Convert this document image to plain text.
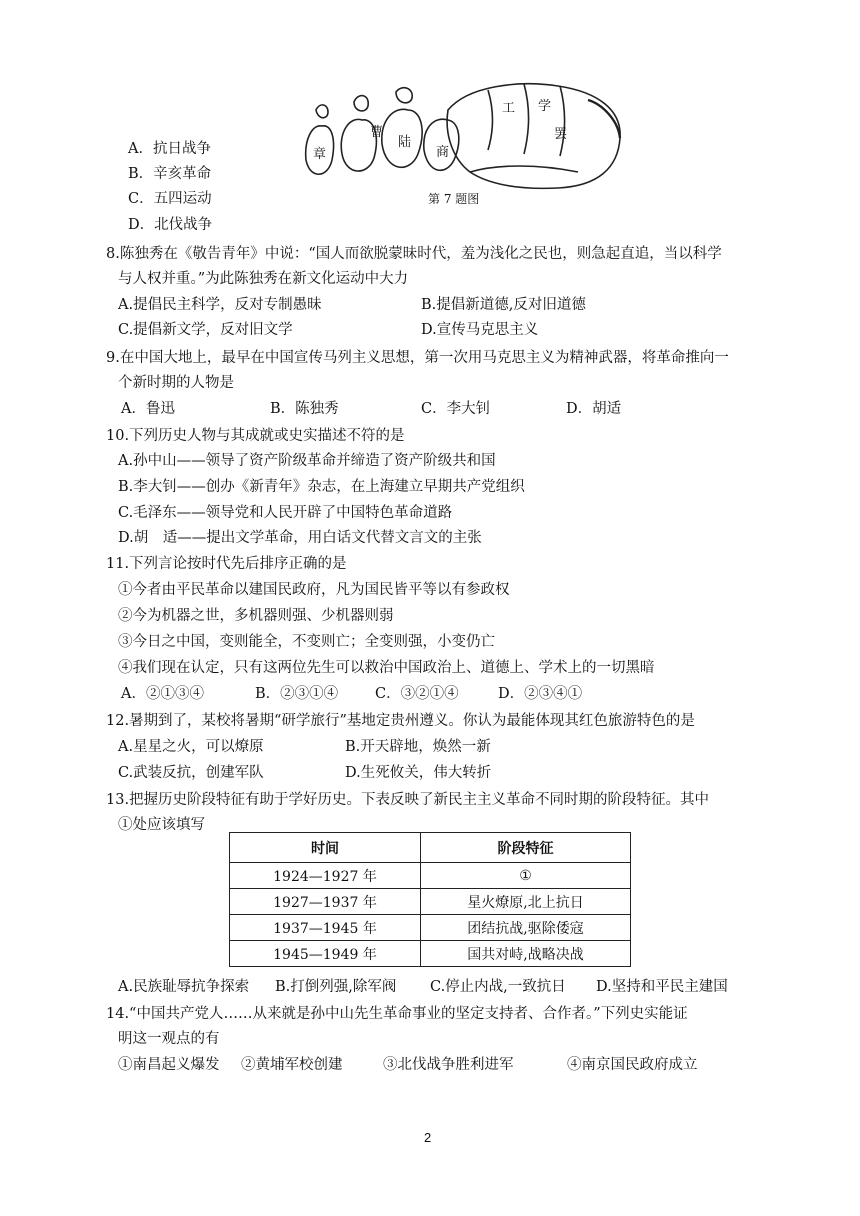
A．抗日战争
B．辛亥革命
C．五四运动
D．北伐战争
章
陆
商
曹
工 学
罢
第 7 题图
8.陈独秀在《敬告青年》中说：“国人而欲脱蒙昧时代，羞为浅化之民也，则急起直追，当以科学
与人权并重。”为此陈独秀在新文化运动中大力
A.提倡民主科学，反对专制愚昧	B.提倡新道德,反对旧道德
C.提倡新文学，反对旧文学	D.宣传马克思主义
9.在中国大地上，最早在中国宣传马列主义思想，第一次用马克思主义为精神武器，将革命推向一
个新时期的人物是
A．鲁迅	B．陈独秀	C．李大钊	D．胡适
10.下列历史人物与其成就或史实描述不符的是
A.孙中山——领导了资产阶级革命并缔造了资产阶级共和国
B.李大钊——创办《新青年》杂志，在上海建立早期共产党组织
C.毛泽东——领导党和人民开辟了中国特色革命道路
D.胡　适——提出文学革命，用白话文代替文言文的主张
11.下列言论按时代先后排序正确的是
①今者由平民革命以建国民政府，凡为国民皆平等以有参政权
②今为机器之世，多机器则强、少机器则弱
③今日之中国，变则能全，不变则亡；全变则强，小变仍亡
④我们现在认定，只有这两位先生可以救治中国政治上、道德上、学术上的一切黑暗
A．②①③④	B．②③①④	C．③②①④	D．②③④①
12.暑期到了，某校将暑期“研学旅行”基地定贵州遵义。你认为最能体现其红色旅游特色的是
A.星星之火，可以燎原	B.开天辟地，焕然一新
C.武装反抗，创建军队	D.生死攸关，伟大转折
13.把握历史阶段特征有助于学好历史。下表反映了新民主主义革命不同时期的阶段特征。其中
①处应该填写
时间	阶段特征
1924—1927 年	①
1927—1937 年	星火燎原,北上抗日
1937—1945 年	团结抗战,驱除倭寇
1945—1949 年	国共对峙,战略决战
A.民族耻辱抗争探索 B.打倒列强,除军阀 C.停止内战,一致抗日 D.坚持和平民主建国
14.“中国共产党人……从来就是孙中山先生革命事业的坚定支持者、合作者。”下列史实能证
明这一观点的有
①南昌起义爆发 ②黄埔军校创建	③北伐战争胜利进军	④南京国民政府成立
2
